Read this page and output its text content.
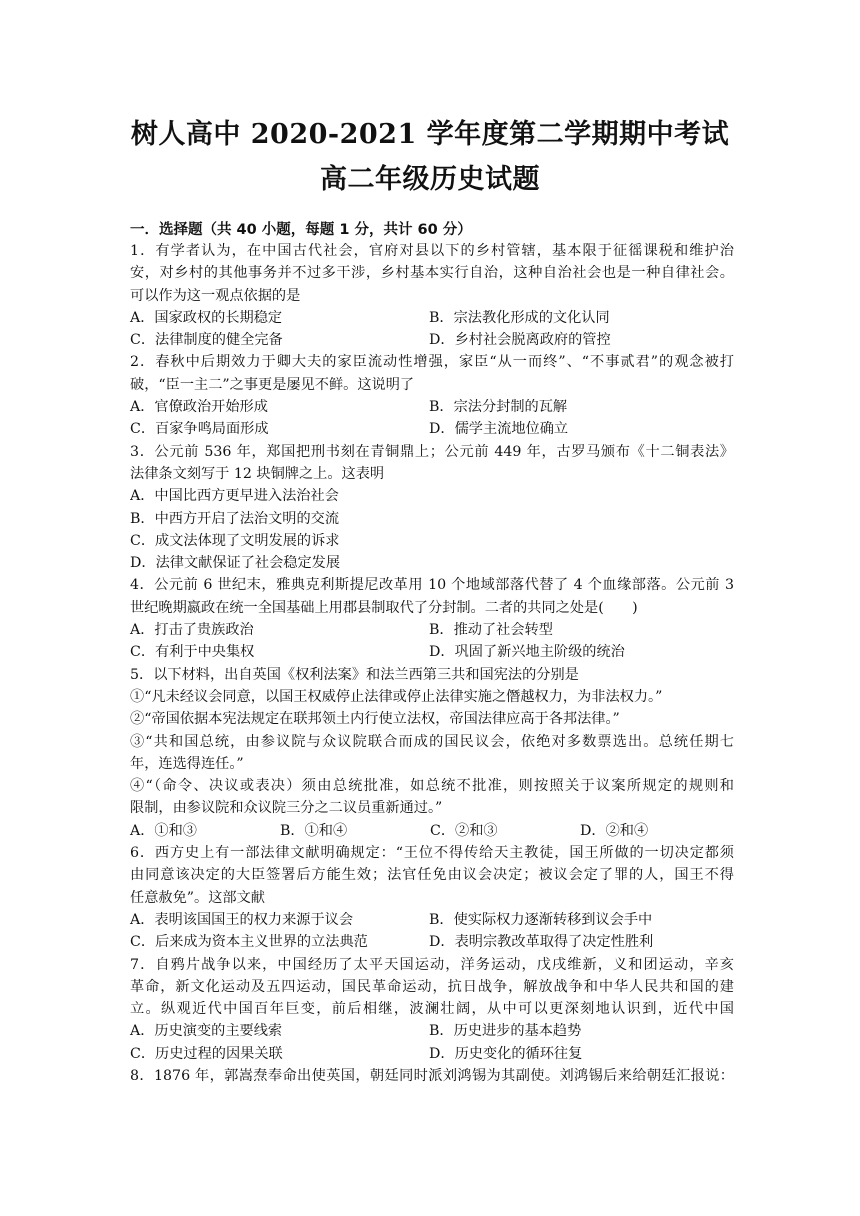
树人高中 2020-2021 学年度第二学期期中考试
高二年级历史试题
一．选择题（共 40 小题，每题 1 分，共计 60 分）
1．有学者认为，在中国古代社会，官府对县以下的乡村管辖，基本限于征徭课税和维护治
安，对乡村的其他事务并不过多干涉，乡村基本实行自治，这种自治社会也是一种自律社会。
可以作为这一观点依据的是
A．国家政权的长期稳定	B．宗法教化形成的文化认同
C．法律制度的健全完备	D．乡村社会脱离政府的管控
2．春秋中后期效力于卿大夫的家臣流动性增强，家臣“从一而终”、“不事贰君”的观念被打
破，“臣一主二”之事更是屡见不鲜。这说明了
A．官僚政治开始形成	B．宗法分封制的瓦解
C．百家争鸣局面形成	D．儒学主流地位确立
3．公元前 536 年，郑国把刑书刻在青铜鼎上；公元前 449 年，古罗马颁布《十二铜表法》
法律条文刻写于 12 块铜牌之上。这表明
A．中国比西方更早进入法治社会
B．中西方开启了法治文明的交流
C．成文法体现了文明发展的诉求
D．法律文献保证了社会稳定发展
4．公元前 6 世纪末，雅典克利斯提尼改革用 10 个地域部落代替了 4 个血缘部落。公元前 3
世纪晚期嬴政在统一全国基础上用郡县制取代了分封制。二者的共同之处是(　　)
A．打击了贵族政治	B．推动了社会转型
C．有利于中央集权	D．巩固了新兴地主阶级的统治
5．以下材料，出自英国《权利法案》和法兰西第三共和国宪法的分别是
①“凡未经议会同意，以国王权威停止法律或停止法律实施之僭越权力，为非法权力。”
②“帝国依据本宪法规定在联邦领土内行使立法权，帝国法律应高于各邦法律。”
③“共和国总统，由参议院与众议院联合而成的国民议会，依绝对多数票选出。总统任期七
年，连选得连任。”
④“（命令、决议或表决）须由总统批准，如总统不批准，则按照关于议案所规定的规则和
限制，由参议院和众议院三分之二议员重新通过。”
A．①和③	B．①和④	C．②和③	D．②和④
6．西方史上有一部法律文献明确规定：“王位不得传给天主教徒，国王所做的一切决定都须
由同意该决定的大臣签署后方能生效；法官任免由议会决定；被议会定了罪的人，国王不得
任意赦免”。这部文献
A．表明该国国王的权力来源于议会	B．使实际权力逐渐转移到议会手中
C．后来成为资本主义世界的立法典范	D．表明宗教改革取得了决定性胜利
7．自鸦片战争以来，中国经历了太平天国运动，洋务运动，戊戌维新，义和团运动，辛亥
革命，新文化运动及五四运动，国民革命运动，抗日战争，解放战争和中华人民共和国的建
立。纵观近代中国百年巨变，前后相继，波澜壮阔，从中可以更深刻地认识到，近代中国
A．历史演变的主要线索	B．历史进步的基本趋势
C．历史过程的因果关联	D．历史变化的循环往复
8．1876 年，郭嵩焘奉命出使英国，朝廷同时派刘鸿锡为其副使。刘鸿锡后来给朝廷汇报说：
